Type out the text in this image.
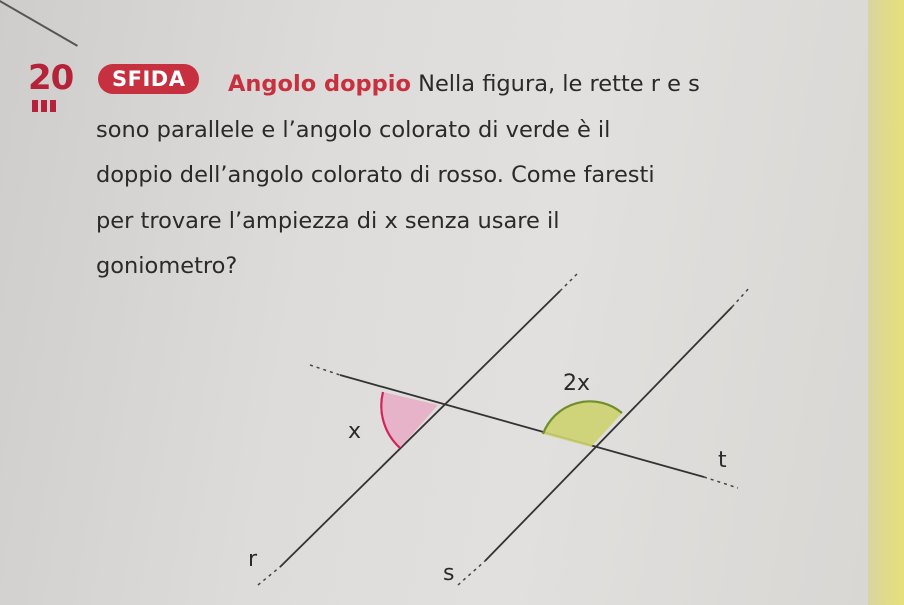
20	SFIDA	Angolo doppio Nella figura, le rette r e s
sono parallele e l’angolo colorato di verde è il
doppio dell’angolo colorato di rosso. Come faresti
per trovare l’ampiezza di x senza usare il
goniometro?
x
2x
r
s
t
